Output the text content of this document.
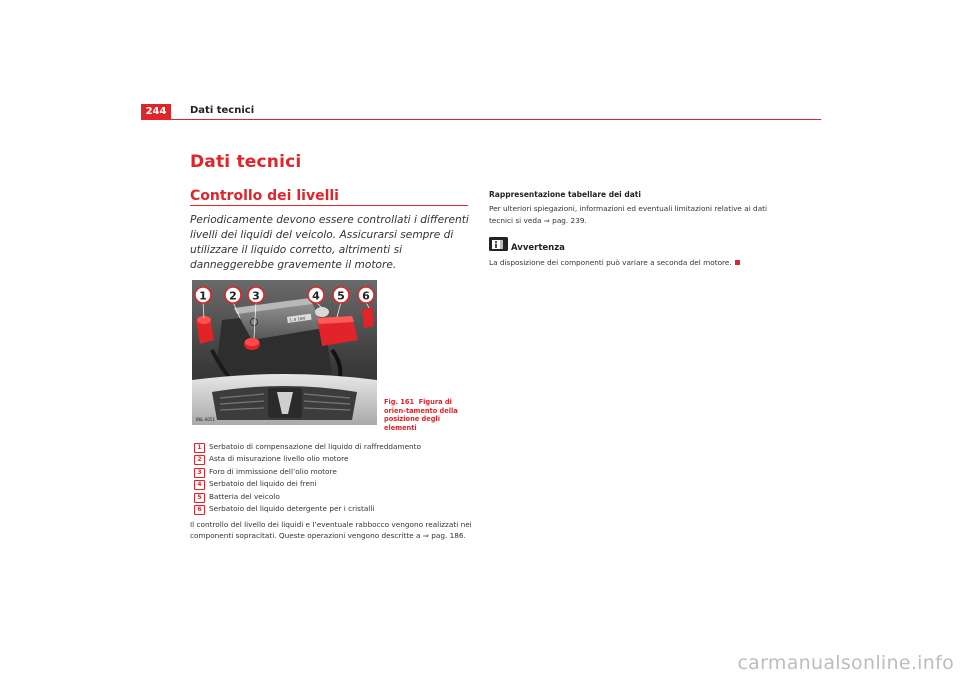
244	Dati tecnici
Dati tecnici
Controllo dei livelli
Periodicamente devono essere controllati i differenti livelli dei liquidi del veicolo. Assicurarsi sempre di utilizzare il liquido corretto, altrimenti si danneggerebbe gravemente il motore.
1.4 16V
1 2 3	4 5 6
B6L-0051
Fig. 161 Figura di orien-tamento della posizione degli elementi
1	Serbatoio di compensazione del liquido di raffreddamento
2	Asta di misurazione livello olio motore
3	Foro di immissione dell’olio motore
4	Serbatoio del liquido dei freni
5	Batteria del veicolo
6	Serbatoio del liquido detergente per i cristalli
Il controllo del livello dei liquidi e l’eventuale rabbocco vengono realizzati nei componenti sopracitati. Queste operazioni vengono descritte a ⇒ pag. 186.
Rappresentazione tabellare dei dati
Per ulteriori spiegazioni, informazioni ed eventuali limitazioni relative ai dati tecnici si veda ⇒ pag. 239.
Avvertenza
La disposizione dei componenti può variare a seconda del motore.
carmanualsonline.info
